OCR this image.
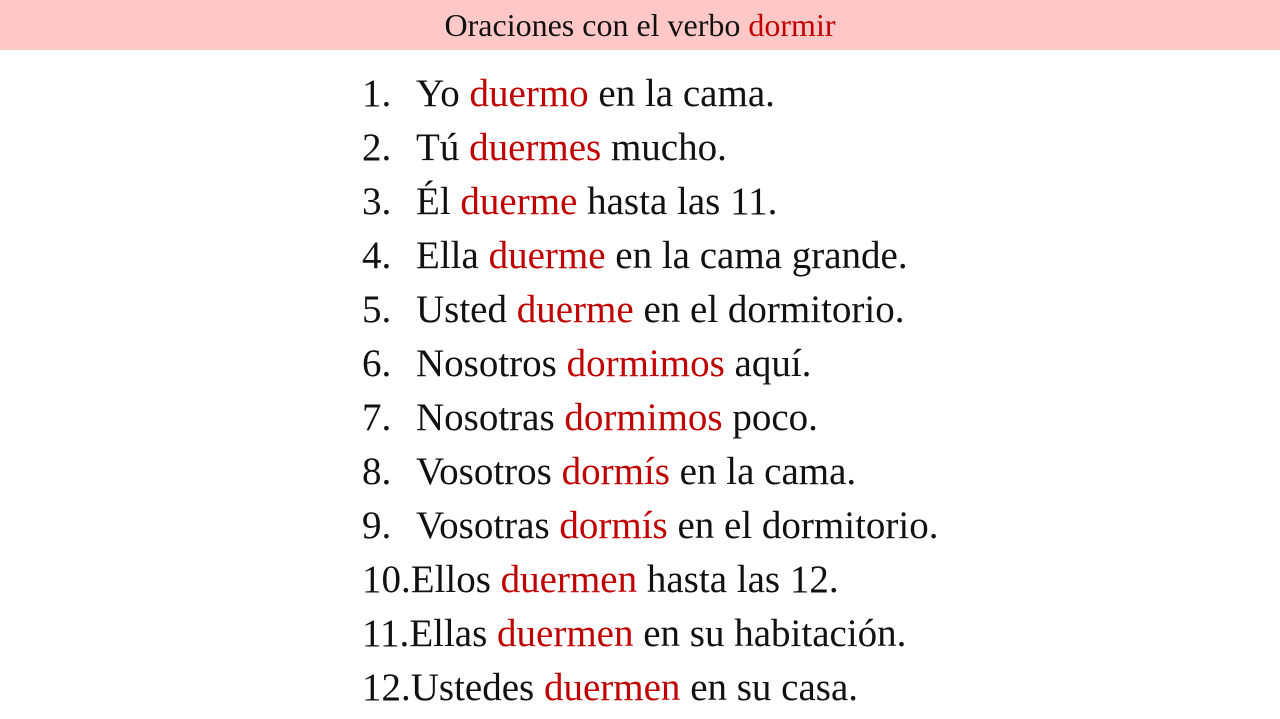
Oraciones con el verbo dormir
1. Yo duermo en la cama.
2. Tú duermes mucho.
3. Él duerme hasta las 11.
4. Ella duerme en la cama grande.
5. Usted duerme en el dormitorio.
6. Nosotros dormimos aquí.
7. Nosotras dormimos poco.
8. Vosotros dormís en la cama.
9. Vosotras dormís en el dormitorio.
10.Ellos duermen hasta las 12.
11.Ellas duermen en su habitación.
12.Ustedes duermen en su casa.
